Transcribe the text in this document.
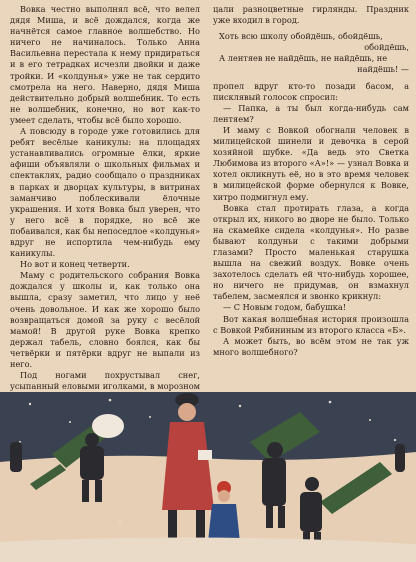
Вовка честно выполнял всё, что велел дядя Миша, и всё дождался, когда же начнётся самое главное волшебство. Но ничего не начиналось. Только Анна Васильевна перестала к нему придираться и в его тетрадках исчезли двойки и даже тройки. И «колдунья» уже не так сердито смотрела на него. Наверно, дядя Миша действительно добрый волшебник. То есть не волшебник, конечно, но вот как-то умеет сделать, чтобы всё было хорошо.

А повсюду в городе уже готовились для ребят весёлые каникулы: на площадях устанавливались огромные ёлки, яркие афиши объявляли о школьных фильмах и спектаклях, радио сообщало о праздниках в парках и дворцах культуры, в витринах заманчиво поблескивали ёлочные украшения. И хотя Вовка был уверен, что у него всё в порядке, но всё же побаивался, как бы непоседлое «колдунья» вдруг не испортила чем-нибудь ему каникулы.

Но вот и конец четверти.

Маму с родительского собрания Вовка дождался у школы и, как только она вышла, сразу заметил, что лицо у неё очень довольное. И как же хорошо было возвращаться домой за руку с весёлой мамой! В другой руке Вовка крепко держал табель, словно боялся, как бы четвёрки и пятёрки вдруг не выпали из него.

Под ногами похрустывал снег, усыпанный еловыми иголками, в морозном

цали разноцветные гирлянды. Праздник уже входил в город.

Хоть всю школу обойдёшь, обойдёшь,

обойдёшь,

А лентяев не найдёшь, не найдёшь, не

найдёшь! —

пропел вдруг кто-то позади басом, а писклявый голосок спросил:

— Папка, а ты был когда-нибудь сам лентяем?

И маму с Вовкой обогнали человек в милицейской шинели и девочка в серой хозяйной шубке. «Да ведь это Светка Любимова из второго «А»!» — узнал Вовка и хотел окликнуть её, но в это время человек в милицейской форме обернулся к Вовке, хитро подмигнул ему.

Вовка стал протирать глаза, а когда открыл их, никого во дворе не было. Только на скамейке сидела «колдунья». Но разве бывают колдуньи с такими добрыми глазами? Просто маленькая старушка вышла на свежий воздух. Вовке очень захотелось сделать ей что-нибудь хорошее, но ничего не придумав, он взмахнул табелем, засмеялся и звонко крикнул:

— С Новым годом, бабушка!

Вот какая волшебная история произошла с Вовкой Рябининым из второго класса «Б».

А может быть, во всём этом не так уж много волшебного?
